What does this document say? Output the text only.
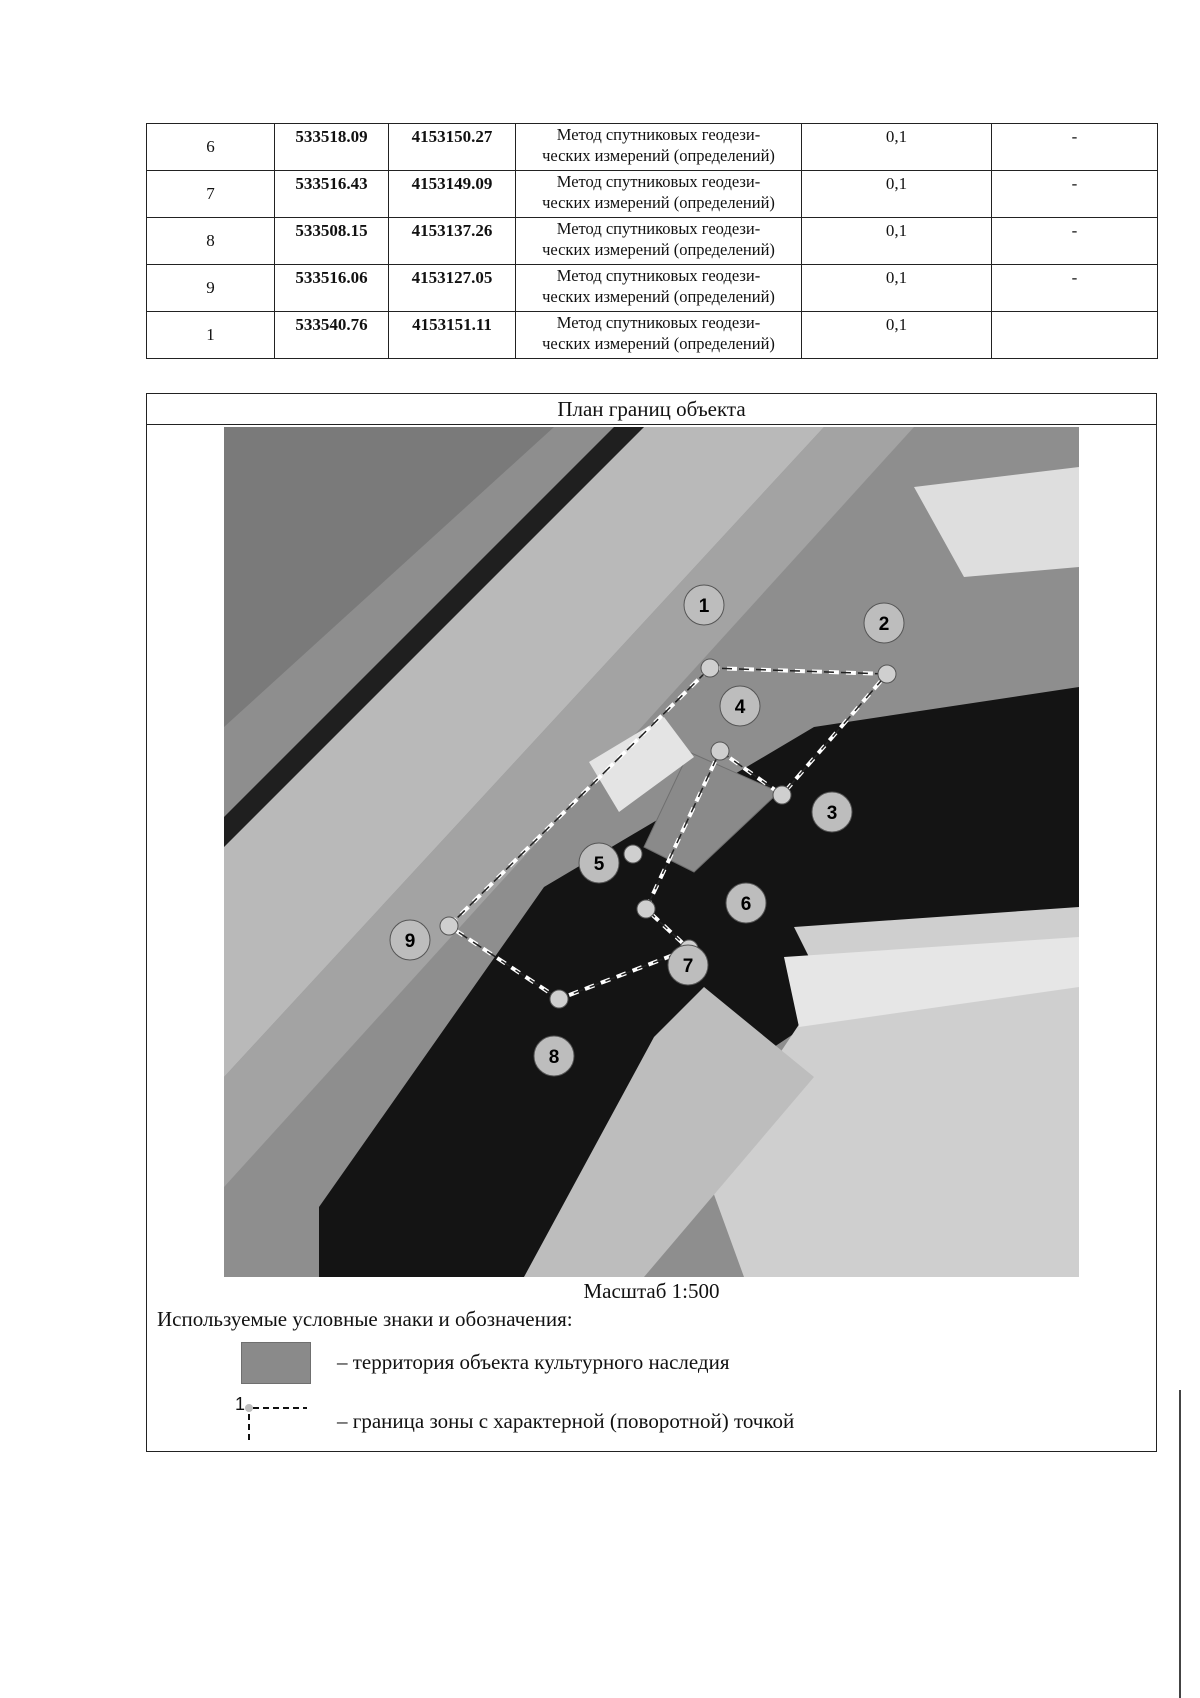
6	533518.09	4153150.27	Метод спутниковых геодези-
ческих измерений (определений)	0,1	-
7	533516.43	4153149.09	Метод спутниковых геодези-
ческих измерений (определений)	0,1	-
8	533508.15	4153137.26	Метод спутниковых геодези-
ческих измерений (определений)	0,1	-
9	533516.06	4153127.05	Метод спутниковых геодези-
ческих измерений (определений)	0,1	-
1	533540.76	4153151.11	Метод спутниковых геодези-
ческих измерений (определений)	0,1	
План границ объекта
1
2
3
4
5
6
7
8
9
Масштаб 1:500
Используемые условные знаки и обозначения:
– территория объекта культурного наследия
1
– граница зоны с характерной (поворотной) точкой
